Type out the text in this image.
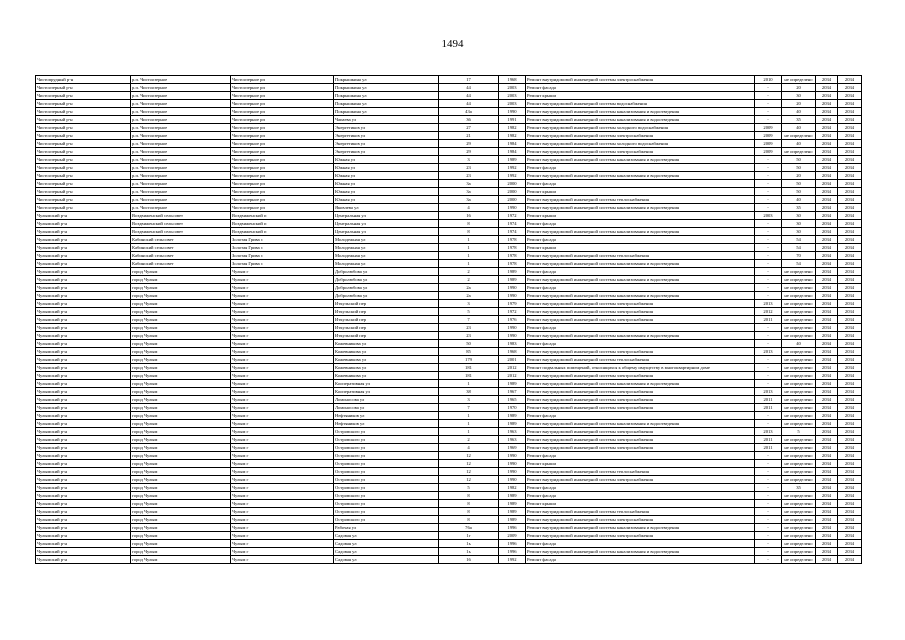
1494
Чистопрудный р-н	р.п. Чистоозерное	Чистоозерное рп	Покрышкина ул	17	1968	Ремонт внутридомовой инженерной системы электроснабжения	2010	не определено	2034	2034
Чистоозерный р-н	р.п. Чистоозерное	Чистоозерное рп	Покрышкина ул	44	2003	Ремонт фасада	-	20	2034	2034
Чистоозерный р-н	р.п. Чистоозерное	Чистоозерное рп	Покрышкина ул	44	2003	Ремонт крыши	-	30	2034	2034
Чистоозерный р-н	р.п. Чистоозерное	Чистоозерное рп	Покрышкина ул	44	2003	Ремонт внутридомовой инженерной системы водоснабжения	-	20	2034	2034
Чистоозерный р-н	р.п. Чистоозерное	Чистоозерное рп	Покрышкина ул	43а	1990	Ремонт внутридомовой инженерной системы канализования и водоотведения	-	40	2034	2034
Чистоозерный р-н	р.п. Чистоозерное	Чистоозерное рп	Чапаева ул	36	1991	Ремонт внутридомовой инженерной системы канализования и водоотведения	-	35	2034	2034
Чистоозерный р-н	р.п. Чистоозерное	Чистоозерное рп	Энергетиков ул	27	1982	Ремонт внутридомовой инженерной системы холодного водоснабжения	2009	40	2034	2034
Чистоозерный р-н	р.п. Чистоозерное	Чистоозерное рп	Энергетиков ул	21	1982	Ремонт внутридомовой инженерной системы электроснабжения	2009	не определено	2034	2034
Чистоозерный р-н	р.п. Чистоозерное	Чистоозерное рп	Энергетиков ул	29	1984	Ремонт внутридомовой инженерной системы холодного водоснабжения	2009	40	2034	2034
Чистоозерный р-н	р.п. Чистоозерное	Чистоозерное рп	Энергетиков ул	29	1984	Ремонт внутридомовой инженерной системы электроснабжения	2009	не определено	2034	2034
Чистоозерный р-н	р.п. Чистоозерное	Чистоозерное рп	Южная ул	3	1989	Ремонт внутридомовой инженерной системы канализования и водоотведения	-	50	2034	2034
Чистоозерный р-н	р.п. Чистоозерное	Чистоозерное рп	Южная ул	23	1992	Ремонт фасада	-	50	2034	2034
Чистоозерный р-н	р.п. Чистоозерное	Чистоозерное рп	Южная ул	23	1992	Ремонт внутридомовой инженерной системы канализования и водоотведения	-	20	2034	2034
Чистоозерный р-н	р.п. Чистоозерное	Чистоозерное рп	Южная ул	3а	2000	Ремонт фасада	-	50	2034	2034
Чистоозерный р-н	р.п. Чистоозерное	Чистоозерное рп	Южная ул	3а	2000	Ремонт крыши	-	50	2034	2034
Чистоозерный р-н	р.п. Чистоозерное	Чистоозерное рп	Южная ул	3а	2000	Ремонт внутридомовой инженерной системы теплоснабжения	-	40	2034	2034
Чистоозерный р-н	р.п. Чистоозерное	Чистоозерное рп	Яковлева ул	4	1990	Ремонт внутридомовой инженерной системы канализования и водоотведения	-	35	2034	2034
Чулымский р-н	Воздвиженский сельсовет	Воздвиженский п	Центральная ул	16	1972	Ремонт крыши	2003	30	2034	2034
Чулымский р-н	Воздвиженский сельсовет	Воздвиженский п	Центральная ул	8	1974	Ремонт фасада	-	30	2034	2034
Чулымский р-н	Воздвиженский сельсовет	Воздвиженский п	Центральная ул	8	1974	Ремонт внутридомовой инженерной системы канализования и водоотведения	-	30	2034	2034
Чулымский р-н	Кабинский сельсовет	Золотая Грива с	Молодежная ул	1	1978	Ремонт фасада	-	54	2034	2034
Чулымский р-н	Кабинский сельсовет	Золотая Грива с	Молодежная ул	1	1978	Ремонт крыши	-	54	2034	2034
Чулымский р-н	Кабинский сельсовет	Золотая Грива с	Молодежная ул	1	1978	Ремонт внутридомовой инженерной системы теплоснабжения	-	70	2034	2034
Чулымский р-н	Кабинский сельсовет	Золотая Грива с	Молодежная ул	1	1978	Ремонт внутридомовой инженерной системы канализования и водоотведения	-	54	2034	2034
Чулымский р-н	город Чулым	Чулым г	Добролюбова ул	2	1989	Ремонт фасада	-	не определено	2034	2034
Чулымский р-н	город Чулым	Чулым г	Добролюбова ул	2	1989	Ремонт внутридомовой инженерной системы канализования и водоотведения	-	не определено	2034	2034
Чулымский р-н	город Чулым	Чулым г	Добролюбова ул	2а	1990	Ремонт фасада	-	не определено	2034	2034
Чулымский р-н	город Чулым	Чулым г	Добролюбова ул	2а	1990	Ремонт внутридомовой инженерной системы канализования и водоотведения	-	не определено	2034	2034
Чулымский р-н	город Чулым	Чулым г	Иткульский пер	3	1979	Ремонт внутридомовой инженерной системы электроснабжения	2013	не определено	2034	2034
Чулымский р-н	город Чулым	Чулым г	Иткульский пер	5	1972	Ремонт внутридомовой инженерной системы электроснабжения	2012	не определено	2034	2034
Чулымский р-н	город Чулым	Чулым г	Иткульский пер	7	1976	Ремонт внутридомовой инженерной системы электроснабжения	2011	не определено	2034	2034
Чулымский р-н	город Чулым	Чулым г	Иткульский пер	23	1990	Ремонт фасада	-	не определено	2034	2034
Чулымский р-н	город Чулым	Чулым г	Иткульский пер	23	1990	Ремонт внутридомовой инженерной системы канализования и водоотведения	-	не определено	2034	2034
Чулымский р-н	город Чулым	Чулым г	Кожевникова ул	50	1983	Ремонт фасада	-	40	2034	2034
Чулымский р-н	город Чулым	Чулым г	Кожевникова ул	85	1968	Ремонт внутридомовой инженерной системы электроснабжения	2013	не определено	2034	2034
Чулымский р-н	город Чулым	Чулым г	Кожевникова ул	179	2001	Ремонт внутридомовой инженерной системы теплоснабжения	-	не определено	2034	2034
Чулымский р-н	город Чулым	Чулым г	Кожевникова ул	181	2012	Ремонт подвальных помещений, относящихся к общему имуществу в многоквартирном доме	-	не определено	2034	2034
Чулымский р-н	город Чулым	Чулым г	Кожевникова ул	181	2012	Ремонт внутридомовой инженерной системы электроснабжения	-	не определено	2034	2034
Чулымский р-н	город Чулым	Чулым г	Кооперативная ул	1	1989	Ремонт внутридомовой инженерной системы канализования и водоотведения	-	не определено	2034	2034
Чулымский р-н	город Чулым	Чулым г	Кооперативная ул	38	1967	Ремонт внутридомовой инженерной системы электроснабжения	2013	не определено	2034	2034
Чулымский р-н	город Чулым	Чулым г	Ломоносова ул	3	1965	Ремонт внутридомовой инженерной системы электроснабжения	2011	не определено	2034	2034
Чулымский р-н	город Чулым	Чулым г	Ломоносова ул	7	1970	Ремонт внутридомовой инженерной системы электроснабжения	2011	не определено	2034	2034
Чулымский р-н	город Чулым	Чулым г	Нефтяников ул	1	1989	Ремонт фасада	-	не определено	2034	2034
Чулымский р-н	город Чулым	Чулым г	Нефтяников ул	1	1989	Ремонт внутридомовой инженерной системы канализования и водоотведения	-	не определено	2034	2034
Чулымский р-н	город Чулым	Чулым г	Островского ул	1	1963	Ремонт внутридомовой инженерной системы электроснабжения	2013	5	2034	2034
Чулымский р-н	город Чулым	Чулым г	Островского ул	2	1963	Ремонт внутридомовой инженерной системы электроснабжения	2011	не определено	2034	2034
Чулымский р-н	город Чулым	Чулым г	Островского ул	4	1969	Ремонт внутридомовой инженерной системы электроснабжения	2011	не определено	2034	2034
Чулымский р-н	город Чулым	Чулым г	Островского ул	12	1990	Ремонт фасада	-	не определено	2034	2034
Чулымский р-н	город Чулым	Чулым г	Островского ул	12	1990	Ремонт крыши	-	не определено	2034	2034
Чулымский р-н	город Чулым	Чулым г	Островского ул	12	1990	Ремонт внутридомовой инженерной системы теплоснабжения	-	не определено	2034	2034
Чулымский р-н	город Чулым	Чулым г	Островского ул	12	1990	Ремонт внутридомовой инженерной системы электроснабжения	-	не определено	2034	2034
Чулымский р-н	город Чулым	Чулым г	Островского ул	5	1982	Ремонт фасада	-	35	2034	2034
Чулымский р-н	город Чулым	Чулым г	Островского ул	8	1989	Ремонт фасада	-	не определено	2034	2034
Чулымский р-н	город Чулым	Чулым г	Островского ул	8	1989	Ремонт крыши	-	не определено	2034	2034
Чулымский р-н	город Чулым	Чулым г	Островского ул	8	1989	Ремонт внутридомовой инженерной системы теплоснабжения	-	не определено	2034	2034
Чулымский р-н	город Чулым	Чулым г	Островского ул	8	1989	Ремонт внутридомовой инженерной системы электроснабжения	-	не определено	2034	2034
Чулымский р-н	город Чулым	Чулым г	Рабочая ул	76а	1996	Ремонт внутридомовой инженерной системы канализования и водоотведения	-	не определено	2034	2034
Чулымский р-н	город Чулым	Чулым г	Садовая ул	1г	2009	Ремонт внутридомовой инженерной системы электроснабжения	-	не определено	2034	2034
Чулымский р-н	город Чулым	Чулым г	Садовая ул	1ь	1996	Ремонт фасада	-	не определено	2034	2034
Чулымский р-н	город Чулым	Чулым г	Садовая ул	1ь	1996	Ремонт внутридомовой инженерной системы канализования и водоотведения	-	не определено	2034	2034
Чулымский р-н	город Чулым	Чулым г	Садовая ул	16	1992	Ремонт фасада	-	не определено	2034	2034
